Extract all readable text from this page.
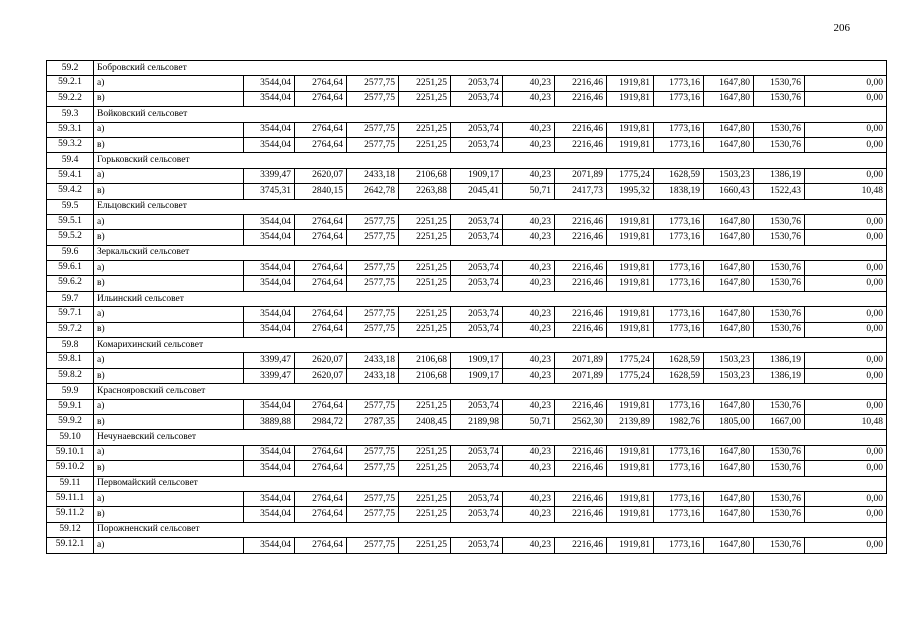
206
59.2	Бобровский сельсовет												
59.2.1	а)	3544,04	2764,64	2577,75	2251,25	2053,74	40,23	2216,46	1919,81	1773,16	1647,80	1530,76	0,00
59.2.2	в)	3544,04	2764,64	2577,75	2251,25	2053,74	40,23	2216,46	1919,81	1773,16	1647,80	1530,76	0,00
59.3	Войковский сельсовет												
59.3.1	а)	3544,04	2764,64	2577,75	2251,25	2053,74	40,23	2216,46	1919,81	1773,16	1647,80	1530,76	0,00
59.3.2	в)	3544,04	2764,64	2577,75	2251,25	2053,74	40,23	2216,46	1919,81	1773,16	1647,80	1530,76	0,00
59.4	Горьковский сельсовет												
59.4.1	а)	3399,47	2620,07	2433,18	2106,68	1909,17	40,23	2071,89	1775,24	1628,59	1503,23	1386,19	0,00
59.4.2	в)	3745,31	2840,15	2642,78	2263,88	2045,41	50,71	2417,73	1995,32	1838,19	1660,43	1522,43	10,48
59.5	Ельцовский сельсовет												
59.5.1	а)	3544,04	2764,64	2577,75	2251,25	2053,74	40,23	2216,46	1919,81	1773,16	1647,80	1530,76	0,00
59.5.2	в)	3544,04	2764,64	2577,75	2251,25	2053,74	40,23	2216,46	1919,81	1773,16	1647,80	1530,76	0,00
59.6	Зеркальский сельсовет												
59.6.1	а)	3544,04	2764,64	2577,75	2251,25	2053,74	40,23	2216,46	1919,81	1773,16	1647,80	1530,76	0,00
59.6.2	в)	3544,04	2764,64	2577,75	2251,25	2053,74	40,23	2216,46	1919,81	1773,16	1647,80	1530,76	0,00
59.7	Ильинский сельсовет												
59.7.1	а)	3544,04	2764,64	2577,75	2251,25	2053,74	40,23	2216,46	1919,81	1773,16	1647,80	1530,76	0,00
59.7.2	в)	3544,04	2764,64	2577,75	2251,25	2053,74	40,23	2216,46	1919,81	1773,16	1647,80	1530,76	0,00
59.8	Комарихинский сельсовет												
59.8.1	а)	3399,47	2620,07	2433,18	2106,68	1909,17	40,23	2071,89	1775,24	1628,59	1503,23	1386,19	0,00
59.8.2	в)	3399,47	2620,07	2433,18	2106,68	1909,17	40,23	2071,89	1775,24	1628,59	1503,23	1386,19	0,00
59.9	Краснояровский сельсовет												
59.9.1	а)	3544,04	2764,64	2577,75	2251,25	2053,74	40,23	2216,46	1919,81	1773,16	1647,80	1530,76	0,00
59.9.2	в)	3889,88	2984,72	2787,35	2408,45	2189,98	50,71	2562,30	2139,89	1982,76	1805,00	1667,00	10,48
59.10	Нечунаевский сельсовет												
59.10.1	а)	3544,04	2764,64	2577,75	2251,25	2053,74	40,23	2216,46	1919,81	1773,16	1647,80	1530,76	0,00
59.10.2	в)	3544,04	2764,64	2577,75	2251,25	2053,74	40,23	2216,46	1919,81	1773,16	1647,80	1530,76	0,00
59.11	Первомайский сельсовет												
59.11.1	а)	3544,04	2764,64	2577,75	2251,25	2053,74	40,23	2216,46	1919,81	1773,16	1647,80	1530,76	0,00
59.11.2	в)	3544,04	2764,64	2577,75	2251,25	2053,74	40,23	2216,46	1919,81	1773,16	1647,80	1530,76	0,00
59.12	Порожненский сельсовет												
59.12.1	а)	3544,04	2764,64	2577,75	2251,25	2053,74	40,23	2216,46	1919,81	1773,16	1647,80	1530,76	0,00
